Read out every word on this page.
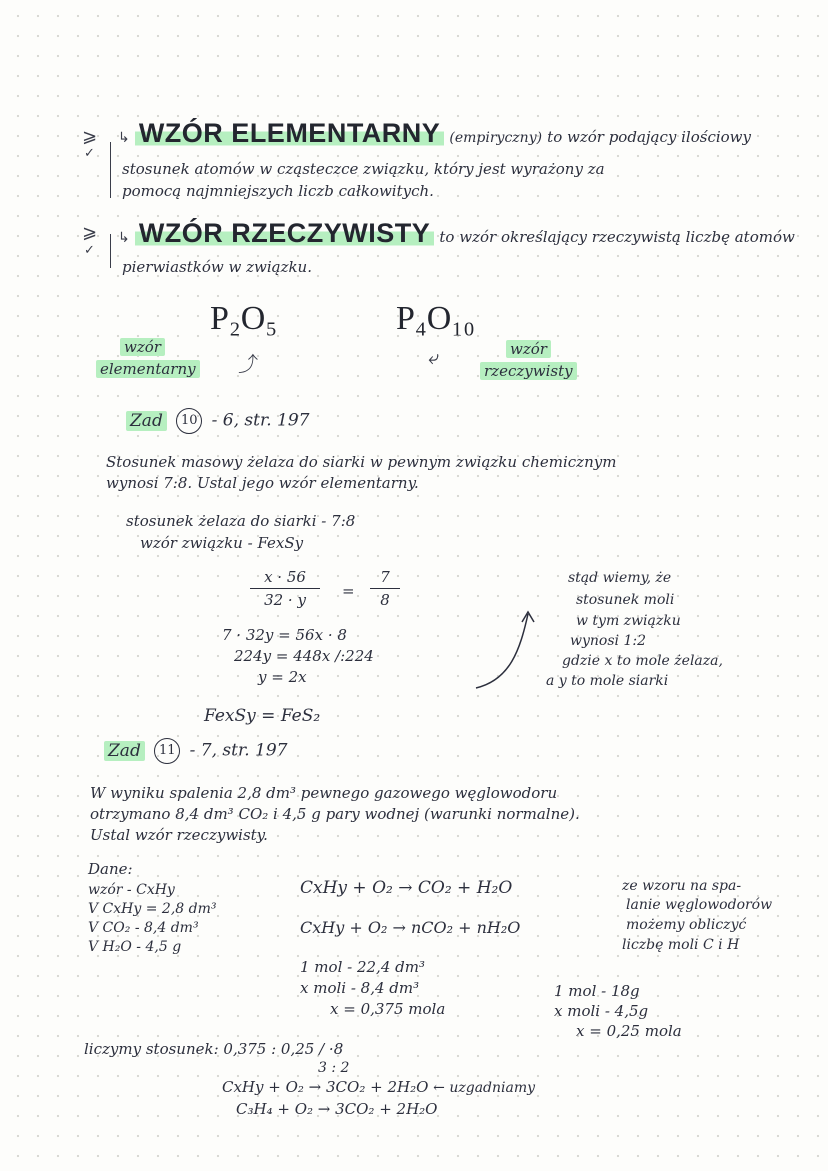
⩾
✓
⩾
✓
↳ WZÓR ELEMENTARNY (empiryczny) to wzór podający ilościowy
stosunek atomów w cząsteczce związku, który jest wyrażony za
pomocą najmniejszych liczb całkowitych.
↳ WZÓR RZECZYWISTY to wzór określający rzeczywistą liczbę atomów
pierwiastków w związku.
P₂O₅	P₄O₁₀
⤴	⤶
wzór
elementarny
wzór
rzeczywisty
Zad 10 - 6, str. 197
Stosunek masowy żelaza do siarki w pewnym związku chemicznym
wynosi 7:8. Ustal jego wzór elementarny.
stosunek żelaza do siarki - 7:8
wzór związku - FexSy
x · 56
32 · y	=
7
8
7 · 32y = 56x · 8
224y = 448x /:224
y = 2x
FexSy = FeS₂
stąd wiemy, że
stosunek moli
w tym związku
wynosi 1:2
gdzie x to mole żelaza,
a y to mole siarki
Zad 11 - 7, str. 197
W wyniku spalenia 2,8 dm³ pewnego gazowego węglowodoru
otrzymano 8,4 dm³ CO₂ i 4,5 g pary wodnej (warunki normalne).
Ustal wzór rzeczywisty.
Dane:
wzór - CxHy
V CxHy = 2,8 dm³
V CO₂ - 8,4 dm³
V H₂O - 4,5 g
CxHy + O₂ → CO₂ + H₂O
CxHy + O₂ → nCO₂ + nH₂O
ze wzoru na spa-
lanie węglowodorów
możemy obliczyć
liczbę moli C i H
1 mol - 22,4 dm³
x moli - 8,4 dm³
x = 0,375 mola
1 mol - 18g
x moli - 4,5g
x = 0,25 mola
liczymy stosunek: 0,375 : 0,25 / ·8
3 : 2
CxHy + O₂ → 3CO₂ + 2H₂O ← uzgadniamy
C₃H₄ + O₂ → 3CO₂ + 2H₂O
